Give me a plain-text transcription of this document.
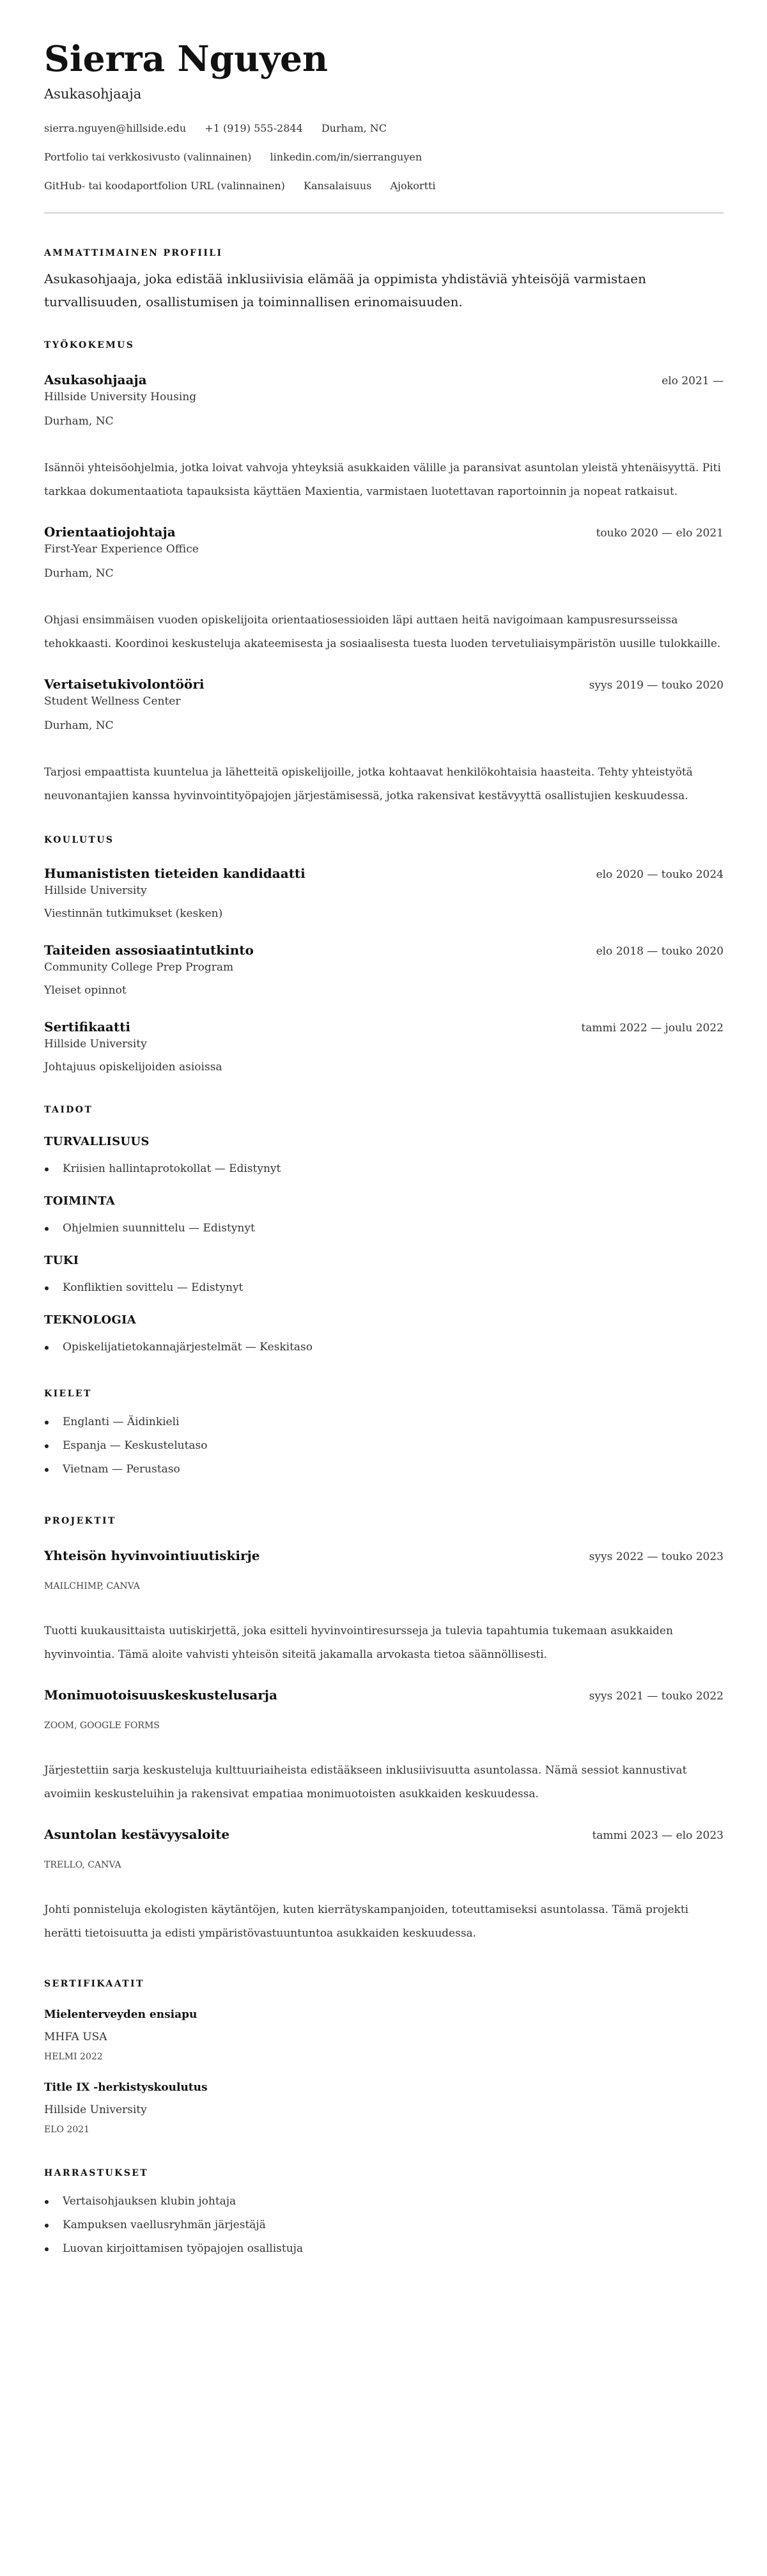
Sierra Nguyen
Asukasohjaaja
sierra.nguyen@hillside.edu +1 (919) 555-2844 Durham, NC
Portfolio tai verkkosivusto (valinnainen) linkedin.com/in/sierranguyen
GitHub- tai koodaportfolion URL (valinnainen) Kansalaisuus Ajokortti
AMMATTIMAINEN PROFIILI

Asukasohjaaja, joka edistää inklusiivisia elämää ja oppimista yhdistäviä yhteisöjä varmistaen turvallisuuden, osallistumisen ja toiminnallisen erinomaisuuden.

TYÖKOKEMUS
Asukasohjaaja	elo 2021 —
Hillside University Housing
Durham, NC
Isännöi yhteisöohjelmia, jotka loivat vahvoja yhteyksiä asukkaiden välille ja paransivat asuntolan yleistä yhtenäisyyttä. Piti tarkkaa dokumentaatiota tapauksista käyttäen Maxientia, varmistaen luotettavan raportoinnin ja nopeat ratkaisut.
Orientaatiojohtaja	touko 2020 — elo 2021
First-Year Experience Office
Durham, NC
Ohjasi ensimmäisen vuoden opiskelijoita orientaatiosessioiden läpi auttaen heitä navigoimaan kampusresursseissa tehokkaasti. Koordinoi keskusteluja akateemisesta ja sosiaalisesta tuesta luoden tervetuliaisympäristön uusille tulokkaille.
Vertaisetukivolontööri	syys 2019 — touko 2020
Student Wellness Center
Durham, NC
Tarjosi empaattista kuuntelua ja lähetteitä opiskelijoille, jotka kohtaavat henkilökohtaisia haasteita. Tehty yhteistyötä neuvonantajien kanssa hyvinvointityöpajojen järjestämisessä, jotka rakensivat kestävyyttä osallistujien keskuudessa.
KOULUTUS
Humanististen tieteiden kandidaatti	elo 2020 — touko 2024
Hillside University
Viestinnän tutkimukset (kesken)
Taiteiden assosiaatintutkinto	elo 2018 — touko 2020
Community College Prep Program
Yleiset opinnot
Sertifikaatti	tammi 2022 — joulu 2022
Hillside University
Johtajuus opiskelijoiden asioissa
TAIDOT
TURVALLISUUS
Kriisien hallintaprotokollat — Edistynyt
TOIMINTA
Ohjelmien suunnittelu — Edistynyt
TUKI
Konfliktien sovittelu — Edistynyt
TEKNOLOGIA
Opiskelijatietokannajärjestelmät — Keskitaso
KIELET
Englanti — Äidinkieli
Espanja — Keskustelutaso
Vietnam — Perustaso
PROJEKTIT
Yhteisön hyvinvointiuutiskirje	syys 2022 — touko 2023
MAILCHIMP, CANVA
Tuotti kuukausittaista uutiskirjettä, joka esitteli hyvinvointiresursseja ja tulevia tapahtumia tukemaan asukkaiden hyvinvointia. Tämä aloite vahvisti yhteisön siteitä jakamalla arvokasta tietoa säännöllisesti.
Monimuotoisuuskeskustelusarja	syys 2021 — touko 2022
ZOOM, GOOGLE FORMS
Järjestettiin sarja keskusteluja kulttuuriaiheista edistääkseen inklusiivisuutta asuntolassa. Nämä sessiot kannustivat avoimiin keskusteluihin ja rakensivat empatiaa monimuotoisten asukkaiden keskuudessa.
Asuntolan kestävyysaloite	tammi 2023 — elo 2023
TRELLO, CANVA
Johti ponnisteluja ekologisten käytäntöjen, kuten kierrätyskampanjoiden, toteuttamiseksi asuntolassa. Tämä projekti herätti tietoisuutta ja edisti ympäristövastuuntuntoa asukkaiden keskuudessa.
SERTIFIKAATIT
Mielenterveyden ensiapu
MHFA USA
HELMI 2022
Title IX -herkistyskoulutus
Hillside University
ELO 2021
HARRASTUKSET
Vertaisohjauksen klubin johtaja
Kampuksen vaellusryhmän järjestäjä
Luovan kirjoittamisen työpajojen osallistuja
